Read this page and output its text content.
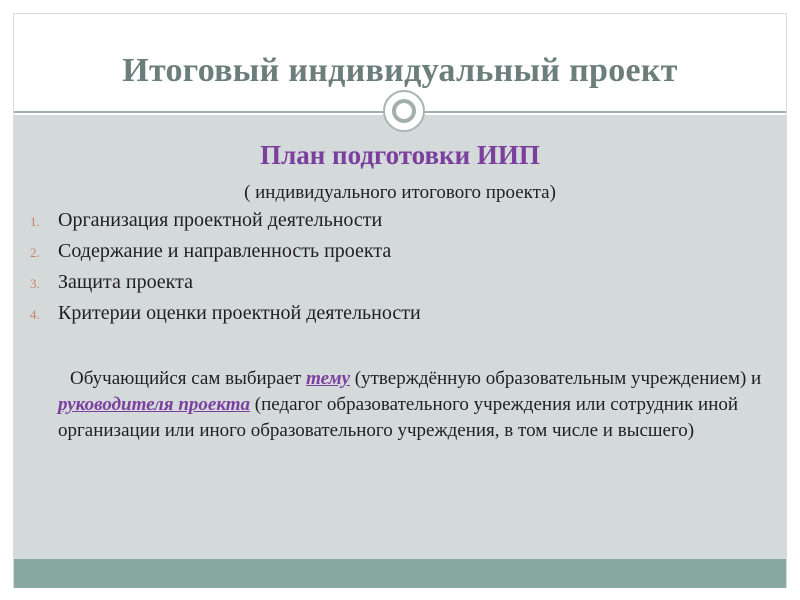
Итоговый индивидуальный проект
План подготовки ИИП
( индивидуального итогового проекта)
1. Организация проектной деятельности
2. Содержание и направленность проекта
3. Защита проекта
4. Критерии оценки проектной деятельности
Обучающийся сам выбирает тему (утверждённую образовательным учреждением) и руководителя проекта (педагог образовательного учреждения или сотрудник иной организации или иного образовательного учреждения, в том числе и высшего)
